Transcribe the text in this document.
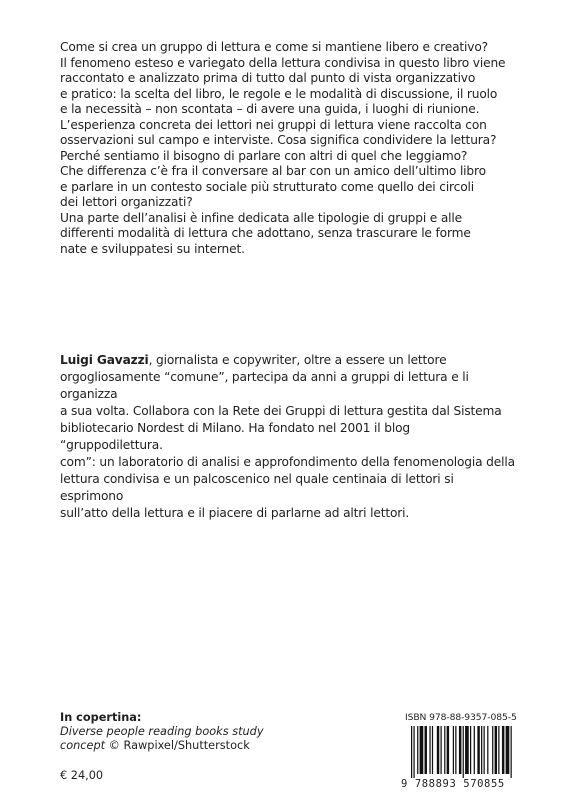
Come si crea un gruppo di lettura e come si mantiene libero e creativo?

Il fenomeno esteso e variegato della lettura condivisa in questo libro viene

raccontato e analizzato prima di tutto dal punto di vista organizzativo

e pratico: la scelta del libro, le regole e le modalità di discussione, il ruolo

e la necessità – non scontata – di avere una guida, i luoghi di riunione.

L’esperienza concreta dei lettori nei gruppi di lettura viene raccolta con

osservazioni sul campo e interviste. Cosa significa condividere la lettura?

Perché sentiamo il bisogno di parlare con altri di quel che leggiamo?

Che differenza c’è fra il conversare al bar con un amico dell’ultimo libro

e parlare in un contesto sociale più strutturato come quello dei circoli

dei lettori organizzati?

Una parte dell’analisi è infine dedicata alle tipologie di gruppi e alle

differenti modalità di lettura che adottano, senza trascurare le forme

nate e sviluppatesi su internet.

Luigi Gavazzi, giornalista e copywriter, oltre a essere un lettore

orgogliosamente “comune”, partecipa da anni a gruppi di lettura e li organizza

a sua volta. Collabora con la Rete dei Gruppi di lettura gestita dal Sistema

bibliotecario Nordest di Milano. Ha fondato nel 2001 il blog “gruppodilettura.

com”: un laboratorio di analisi e approfondimento della fenomenologia della

lettura condivisa e un palcoscenico nel quale centinaia di lettori si esprimono

sull’atto della lettura e il piacere di parlarne ad altri lettori.

In copertina:
Diverse people reading books study
concept © Rawpixel/Shutterstock
€ 24,00
ISBN 978-88-9357-085-5
9 788893 570855
